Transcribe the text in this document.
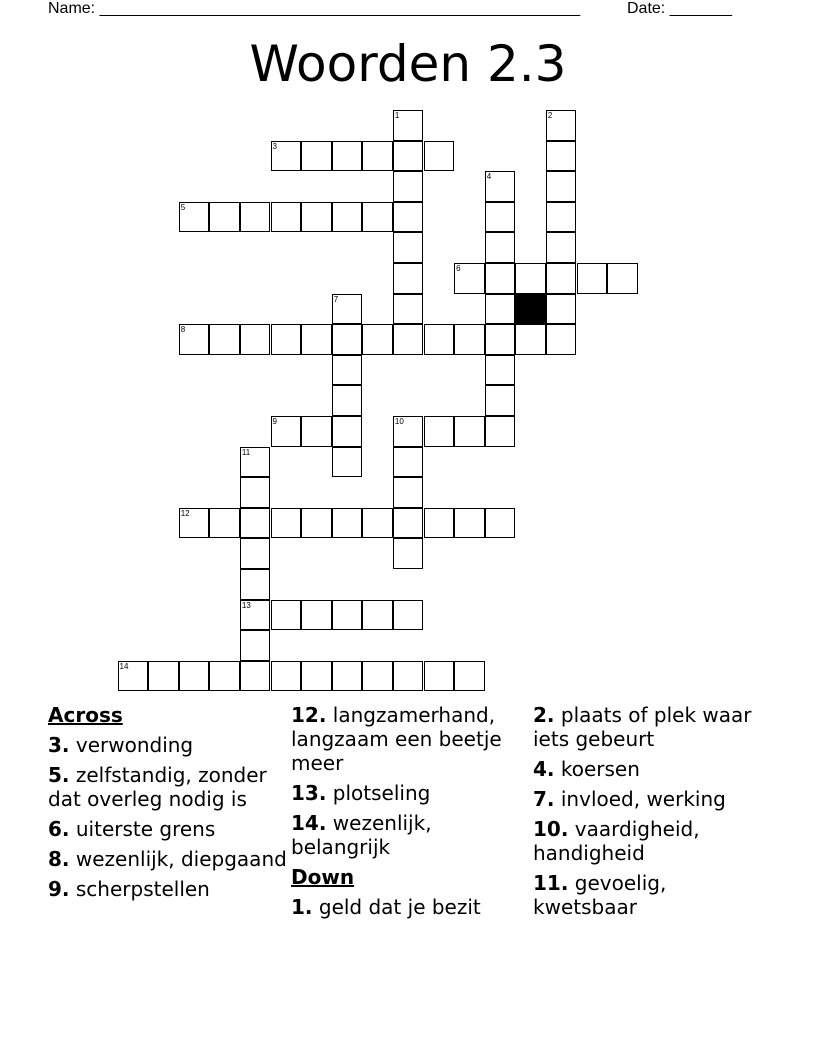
Name: ______________________________________________________	Date: _______
Woorden 2.3
1	2
3
4
5
6
7
8
9	10
11
13
12
14
Across
3. verwonding
5. zelfstandig, zonder dat overleg nodig is
6. uiterste grens
8. wezenlijk, diepgaand
9. scherpstellen
12. langzamerhand, langzaam een beetje meer
13. plotseling
14. wezenlijk, belangrijk
Down
1. geld dat je bezit
2. plaats of plek waar iets gebeurt
4. koersen
7. invloed, werking
10. vaardigheid, handigheid
11. gevoelig, kwetsbaar
